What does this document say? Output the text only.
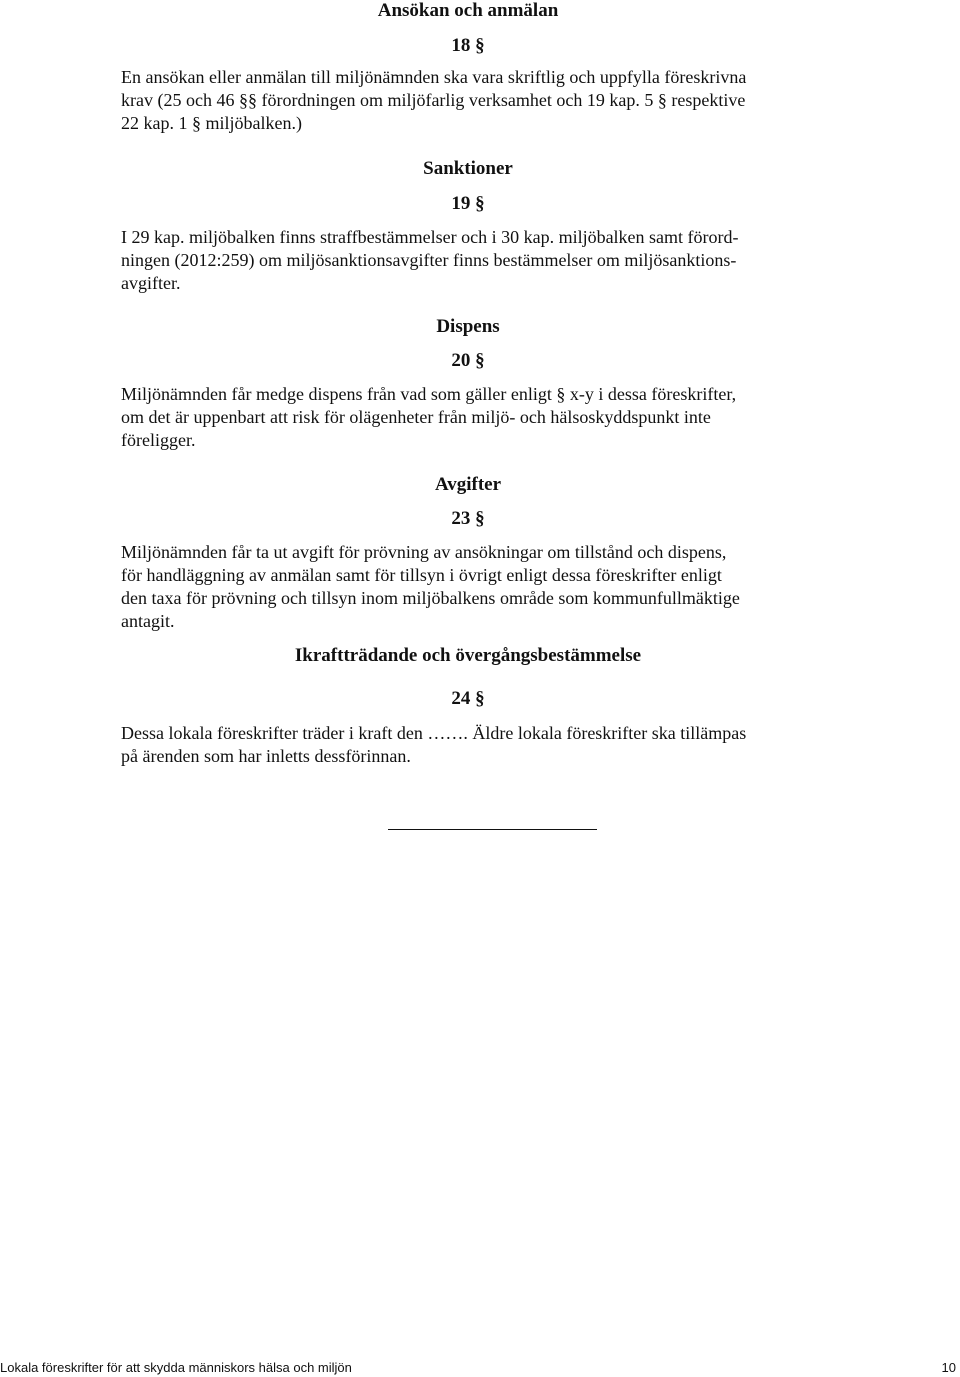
Ansökan och anmälan
18 §
En ansökan eller anmälan till miljönämnden ska vara skriftlig och uppfylla föreskrivna
krav (25 och 46 §§ förordningen om miljöfarlig verksamhet och 19 kap. 5 § respektive
22 kap. 1 § miljöbalken.)
Sanktioner
19 §
I 29 kap. miljöbalken finns straffbestämmelser och i 30 kap. miljöbalken samt förord-
ningen (2012:259) om miljösanktionsavgifter finns bestämmelser om miljösanktions-
avgifter.
Dispens
20 §
Miljönämnden får medge dispens från vad som gäller enligt § x-y i dessa föreskrifter,
om det är uppenbart att risk för olägenheter från miljö- och hälsoskyddspunkt inte
föreligger.
Avgifter
23 §
Miljönämnden får ta ut avgift för prövning av ansökningar om tillstånd och dispens,
för handläggning av anmälan samt för tillsyn i övrigt enligt dessa föreskrifter enligt
den taxa för prövning och tillsyn inom miljöbalkens område som kommunfullmäktige
antagit.
Ikraftträdande och övergångsbestämmelse
24 §
Dessa lokala föreskrifter träder i kraft den ……. Äldre lokala föreskrifter ska tillämpas
på ärenden som har inletts dessförinnan.
Lokala föreskrifter för att skydda människors hälsa och miljön	10
